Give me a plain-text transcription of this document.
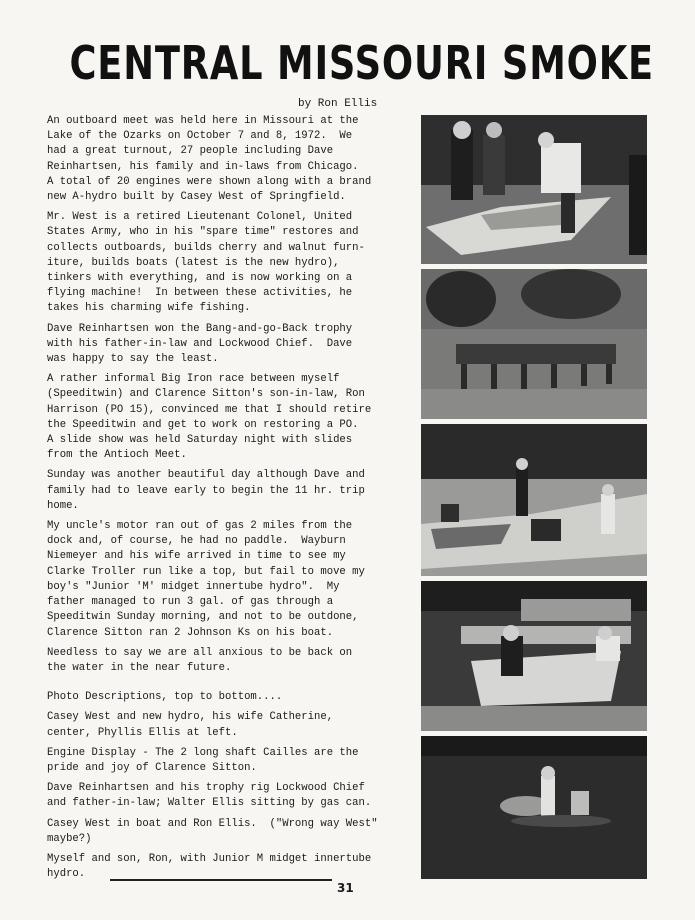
CENTRAL MISSOURI SMOKE
by Ron Ellis

An outboard meet was held here in Missouri at the
Lake of the Ozarks on October 7 and 8, 1972.  We
had a great turnout, 27 people including Dave
Reinhartsen, his family and in-laws from Chicago.
A total of 20 engines were shown along with a brand
new A-hydro built by Casey West of Springfield.

Mr. West is a retired Lieutenant Colonel, United
States Army, who in his "spare time" restores and
collects outboards, builds cherry and walnut furn-
iture, builds boats (latest is the new hydro),
tinkers with everything, and is now working on a
flying machine!  In between these activities, he
takes his charming wife fishing.

Dave Reinhartsen won the Bang-and-go-Back trophy
with his father-in-law and Lockwood Chief.  Dave
was happy to say the least.

A rather informal Big Iron race between myself
(Speeditwin) and Clarence Sitton's son-in-law, Ron
Harrison (PO 15), convinced me that I should retire
the Speeditwin and get to work on restoring a PO.
A slide show was held Saturday night with slides
from the Antioch Meet.

Sunday was another beautiful day although Dave and
family had to leave early to begin the 11 hr. trip
home.

My uncle's motor ran out of gas 2 miles from the
dock and, of course, he had no paddle.  Wayburn
Niemeyer and his wife arrived in time to see my
Clarke Troller run like a top, but fail to move my
boy's "Junior 'M' midget innertube hydro".  My
father managed to run 3 gal. of gas through a
Speeditwin Sunday morning, and not to be outdone,
Clarence Sitton ran 2 Johnson Ks on his boat.

Needless to say we are all anxious to be back on
the water in the near future.

Photo Descriptions, top to bottom....

Casey West and new hydro, his wife Catherine,
center, Phyllis Ellis at left.

Engine Display - The 2 long shaft Cailles are the
pride and joy of Clarence Sitton.

Dave Reinhartsen and his trophy rig Lockwood Chief
and father-in-law; Walter Ellis sitting by gas can.

Casey West in boat and Ron Ellis.  ("Wrong way West"
maybe?)

Myself and son, Ron, with Junior M midget innertube
hydro.

31
